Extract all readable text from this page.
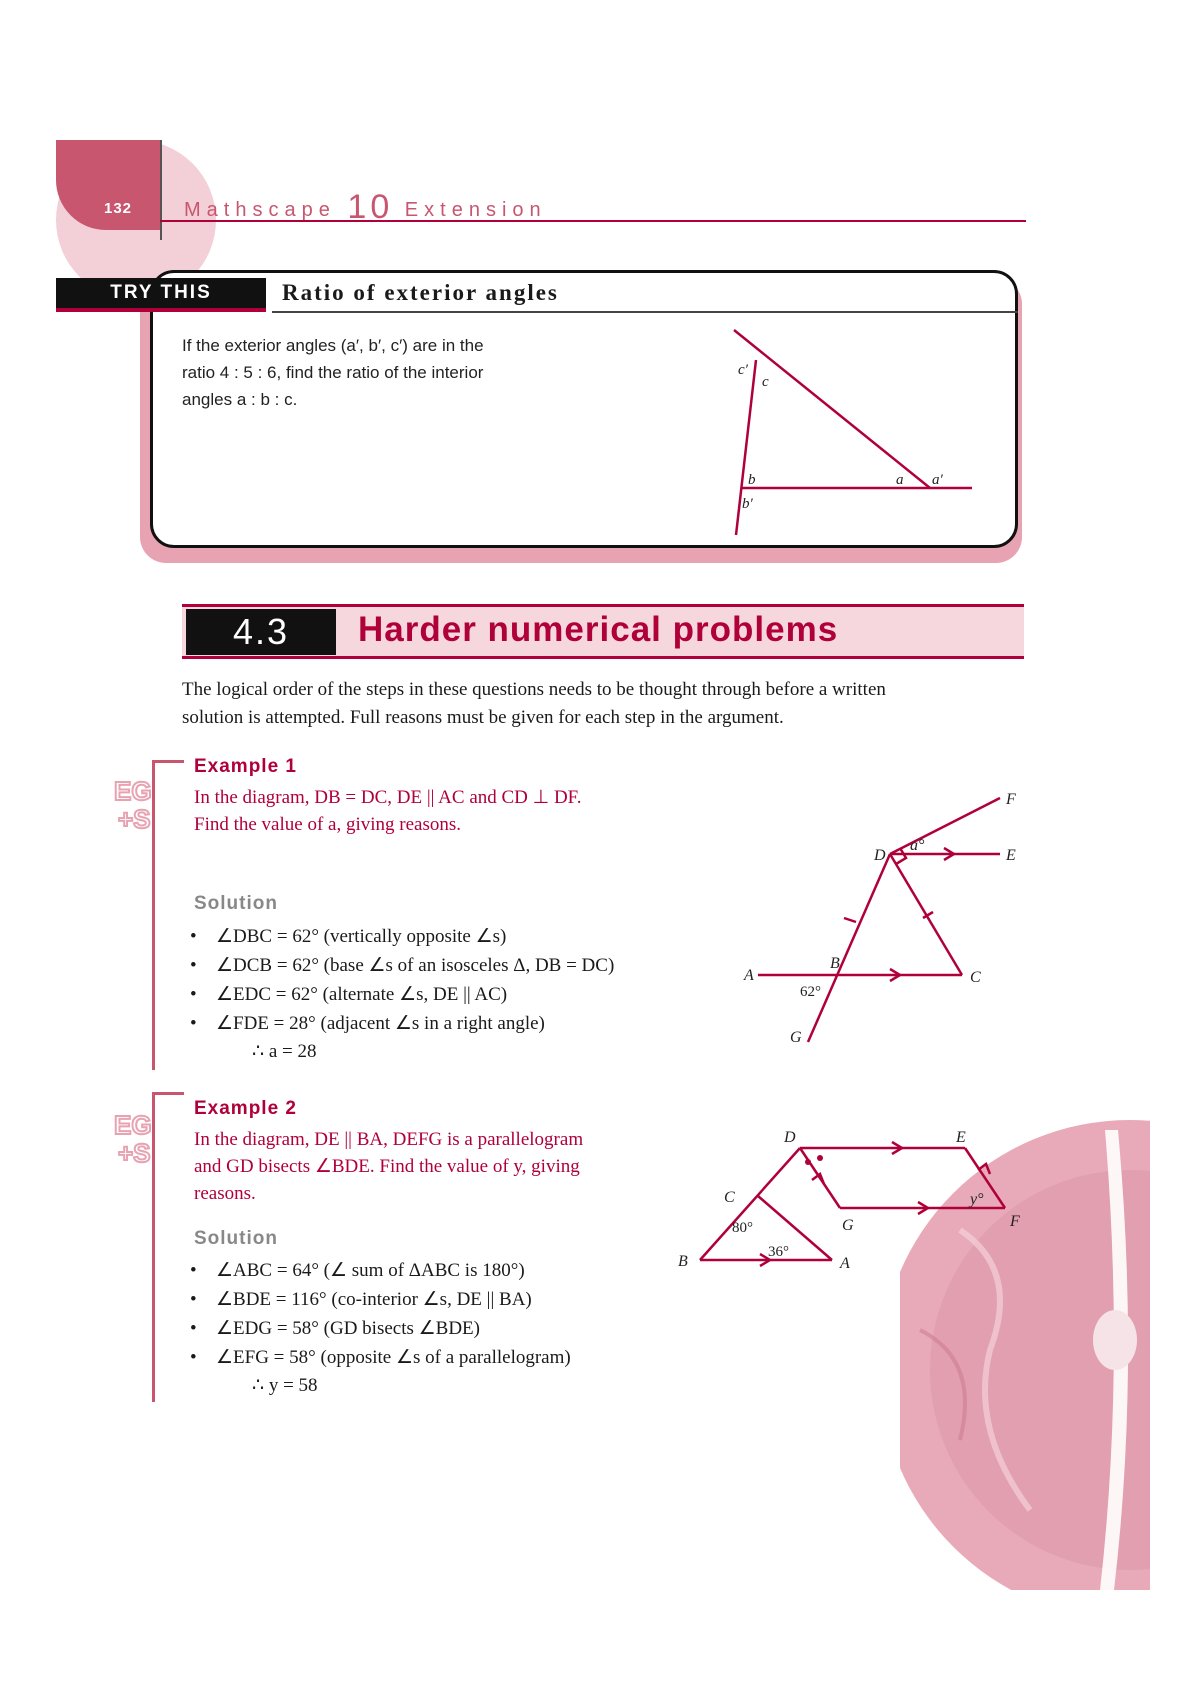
132	Mathscape 10 Extension
TRY THIS	Ratio of exterior angles
If the exterior angles (a′, b′, c′) are in the
ratio 4 : 5 : 6, find the ratio of the interior
angles a : b : c.
c′
c
b
b′
a a′
4.3	Harder numerical problems
The logical order of the steps in these questions needs to be thought through before a written
solution is attempted. Full reasons must be given for each step in the argument.
EG
+S
Example 1
In the diagram, DB = DC, DE || AC and CD ⊥ DF.
Find the value of a, giving reasons.
Solution
• ∠DBC = 62° (vertically opposite ∠s)
• ∠DCB = 62° (base ∠s of an isosceles Δ, DB = DC)
• ∠EDC = 62° (alternate ∠s, DE || AC)
• ∠FDE = 28° (adjacent ∠s in a right angle)
∴ a = 28
F
D
a°
E
A
B
C
G
62°
EG
+S
Example 2
In the diagram, DE || BA, DEFG is a parallelogram
and GD bisects ∠BDE. Find the value of y, giving
reasons.
Solution
• ∠ABC = 64° (∠ sum of ΔABC is 180°)
• ∠BDE = 116° (co-interior ∠s, DE || BA)
• ∠EDG = 58° (GD bisects ∠BDE)
• ∠EFG = 58° (opposite ∠s of a parallelogram)
∴ y = 58
D	E
C
G	F
B	A
y°
80°
36°
